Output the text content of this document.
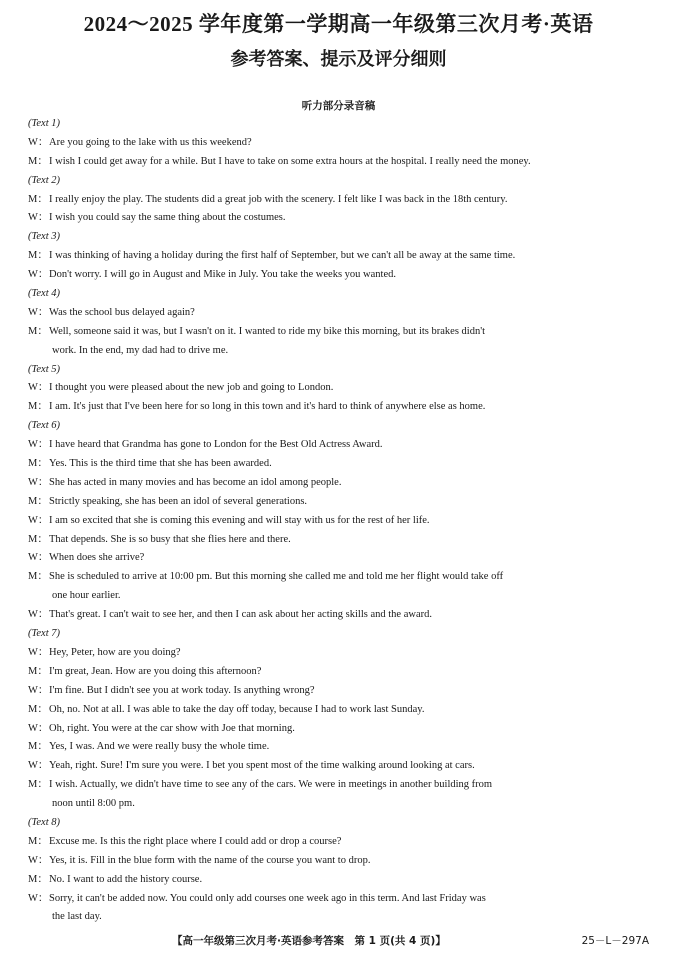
2024～2025 学年度第一学期高一年级第三次月考·英语
参考答案、提示及评分细则
听力部分录音稿
(Text 1)
W：Are you going to the lake with us this weekend?
M：I wish I could get away for a while. But I have to take on some extra hours at the hospital. I really need the money.
(Text 2)
M：I really enjoy the play. The students did a great job with the scenery. I felt like I was back in the 18th century.
W：I wish you could say the same thing about the costumes.
(Text 3)
M：I was thinking of having a holiday during the first half of September, but we can't all be away at the same time.
W：Don't worry. I will go in August and Mike in July. You take the weeks you wanted.
(Text 4)
W：Was the school bus delayed again?
M：Well, someone said it was, but I wasn't on it. I wanted to ride my bike this morning, but its brakes didn't
work. In the end, my dad had to drive me.
(Text 5)
W：I thought you were pleased about the new job and going to London.
M：I am. It's just that I've been here for so long in this town and it's hard to think of anywhere else as home.
(Text 6)
W：I have heard that Grandma has gone to London for the Best Old Actress Award.
M：Yes. This is the third time that she has been awarded.
W：She has acted in many movies and has become an idol among people.
M：Strictly speaking, she has been an idol of several generations.
W：I am so excited that she is coming this evening and will stay with us for the rest of her life.
M：That depends. She is so busy that she flies here and there.
W：When does she arrive?
M：She is scheduled to arrive at 10:00 pm. But this morning she called me and told me her flight would take off
one hour earlier.
W：That's great. I can't wait to see her, and then I can ask about her acting skills and the award.
(Text 7)
W：Hey, Peter, how are you doing?
M：I'm great, Jean. How are you doing this afternoon?
W：I'm fine. But I didn't see you at work today. Is anything wrong?
M：Oh, no. Not at all. I was able to take the day off today, because I had to work last Sunday.
W：Oh, right. You were at the car show with Joe that morning.
M：Yes, I was. And we were really busy the whole time.
W：Yeah, right. Sure! I'm sure you were. I bet you spent most of the time walking around looking at cars.
M：I wish. Actually, we didn't have time to see any of the cars. We were in meetings in another building from
noon until 8:00 pm.
(Text 8)
M：Excuse me. Is this the right place where I could add or drop a course?
W：Yes, it is. Fill in the blue form with the name of the course you want to drop.
M：No. I want to add the history course.
W：Sorry, it can't be added now. You could only add courses one week ago in this term. And last Friday was
the last day.
【高一年级第三次月考·英语参考答案　第 1 页(共 4 页)】	25－L－297A
